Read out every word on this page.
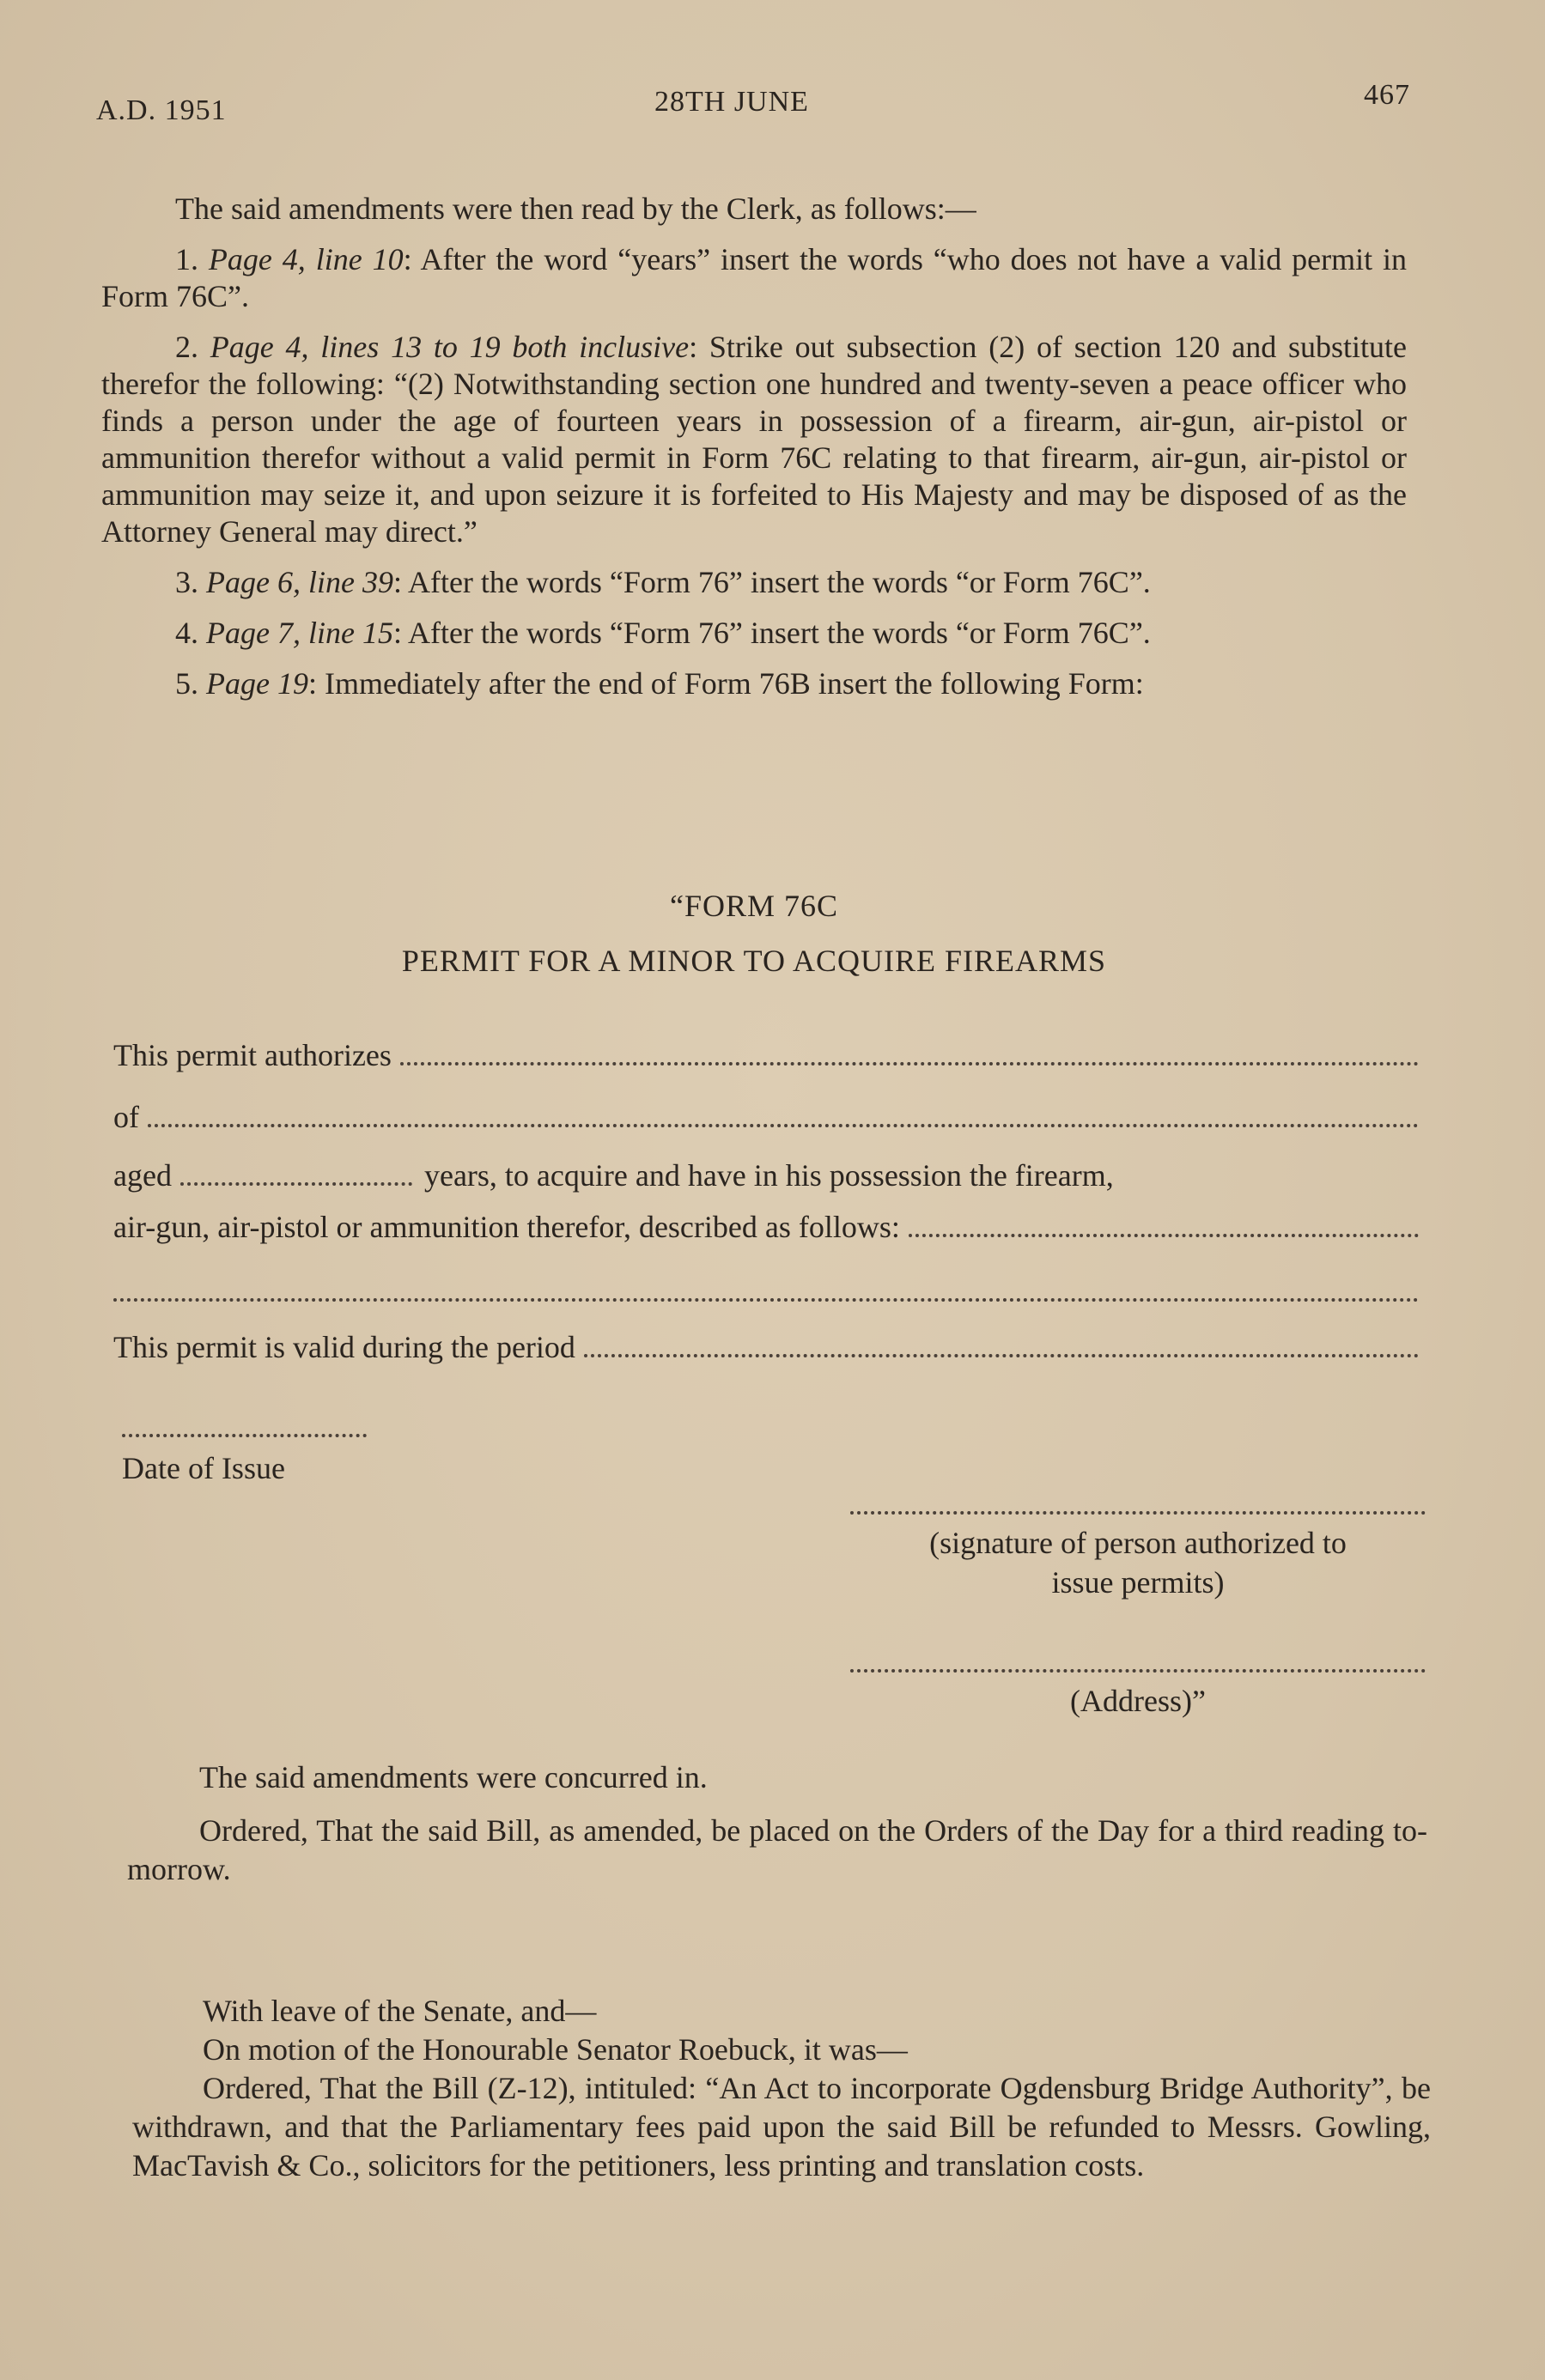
A.D. 1951	28TH JUNE	467

The said amendments were then read by the Clerk, as follows:—

1. Page 4, line 10: After the word “years” insert the words “who does not have a valid permit in Form 76C”.

2. Page 4, lines 13 to 19 both inclusive: Strike out subsection (2) of section 120 and substitute therefor the following: “(2) Notwithstanding section one hundred and twenty-seven a peace officer who finds a person under the age of fourteen years in possession of a firearm, air-gun, air-pistol or ammunition therefor without a valid permit in Form 76C relating to that firearm, air-gun, air-pistol or ammunition may seize it, and upon seizure it is forfeited to His Majesty and may be disposed of as the Attorney General may direct.”

3. Page 6, line 39: After the words “Form 76” insert the words “or Form 76C”.

4. Page 7, line 15: After the words “Form 76” insert the words “or Form 76C”.

5. Page 19: Immediately after the end of Form 76B insert the following Form:

“FORM 76C
PERMIT FOR A MINOR TO ACQUIRE FIREARMS
This permit authorizes
of
aged	years, to acquire and have in his possession the firearm,
air-gun, air-pistol or ammunition therefor, described as follows:
This permit is valid during the period
Date of Issue
(signature of person authorized to
issue permits)
(Address)”
The said amendments were concurred in.
Ordered, That the said Bill, as amended, be placed on the Orders of the Day for a third reading to-morrow.

With leave of the Senate, and—

On motion of the Honourable Senator Roebuck, it was—

Ordered, That the Bill (Z-12), intituled: “An Act to incorporate Ogdensburg Bridge Authority”, be withdrawn, and that the Parliamentary fees paid upon the said Bill be refunded to Messrs. Gowling, MacTavish & Co., solicitors for the petitioners, less printing and translation costs.
